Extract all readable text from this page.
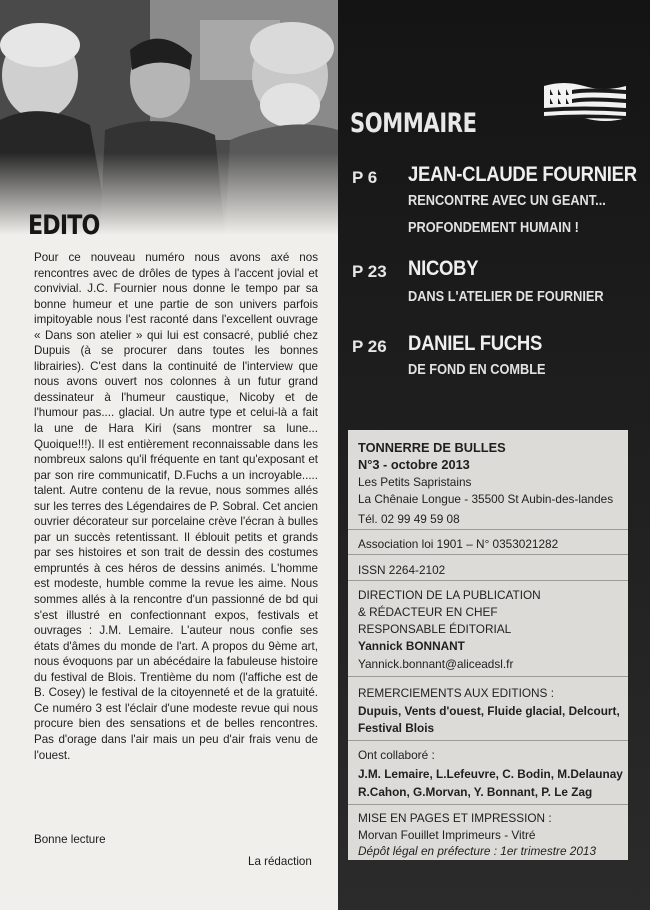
EDITO

Pour ce nouveau numéro nous avons axé nos rencontres avec de drôles de types à l'accent jovial et convivial. J.C. Fournier nous donne le tempo par sa bonne humeur et une partie de son univers parfois impitoyable nous l'est raconté dans l'excellent ouvrage « Dans son atelier » qui lui est consacré, publié chez Dupuis (à se procurer dans toutes les bonnes librairies). C'est dans la continuité de l'interview que nous avons ouvert nos colonnes à un futur grand dessinateur à l'humeur caustique, Nicoby et de l'humour pas.... glacial. Un autre type et celui-là a fait la une de Hara Kiri (sans montrer sa lune... Quoique!!!). Il est entièrement reconnaissable dans les nombreux salons qu'il fréquente en tant qu'exposant et par son rire communicatif, D.Fuchs a un incroyable..... talent. Autre contenu de la revue, nous sommes allés sur les terres des Légendaires de P. Sobral. Cet ancien ouvrier décorateur sur porcelaine crève l'écran à bulles par un succès retentissant. Il éblouit petits et grands par ses histoires et son trait de dessin des costumes empruntés à ces héros de dessins animés. L'homme est modeste, humble comme la revue les aime. Nous sommes allés à la rencontre d'un passionné de bd qui s'est illustré en confectionnant expos, festivals et ouvrages : J.M. Lemaire. L'auteur nous confie ses états d'âmes du monde de l'art. A propos du 9ème art, nous évoquons par un abécédaire la fabuleuse histoire du festival de Blois. Trentième du nom (l'affiche est de B. Cosey) le festival de la citoyenneté et de la gratuité. Ce numéro 3 est l'éclair d'une modeste revue qui nous procure bien des sensations et de belles rencontres. Pas d'orage dans l'air mais un peu d'air frais venu de l'ouest.

Bonne lecture
La rédaction
SOMMAIRE
P 6 JEAN-CLAUDE FOURNIER
RENCONTRE AVEC UN GEANT...
PROFONDEMENT HUMAIN !
P 23 NICOBY
DANS L'ATELIER DE FOURNIER
P 26 DANIEL FUCHS
DE FOND EN COMBLE
TONNERRE DE BULLES
N°3 - octobre 2013
Les Petits Sapristains
La Chênaie Longue - 35500 St Aubin-des-landes
Tél. 02 99 49 59 08
Association loi 1901 – N° 0353021282
ISSN 2264-2102
DIRECTION DE LA PUBLICATION
& RÉDACTEUR EN CHEF
RESPONSABLE ÉDITORIAL
Yannick BONNANT
Yannick.bonnant@aliceadsl.fr
REMERCIEMENTS AUX EDITIONS :
Dupuis, Vents d'ouest, Fluide glacial, Delcourt,
Festival Blois
Ont collaboré :
J.M. Lemaire, L.Lefeuvre, C. Bodin, M.Delaunay
R.Cahon, G.Morvan, Y. Bonnant, P. Le Zag
MISE EN PAGES ET IMPRESSION :
Morvan Fouillet Imprimeurs - Vitré
Dépôt légal en préfecture : 1er trimestre 2013
